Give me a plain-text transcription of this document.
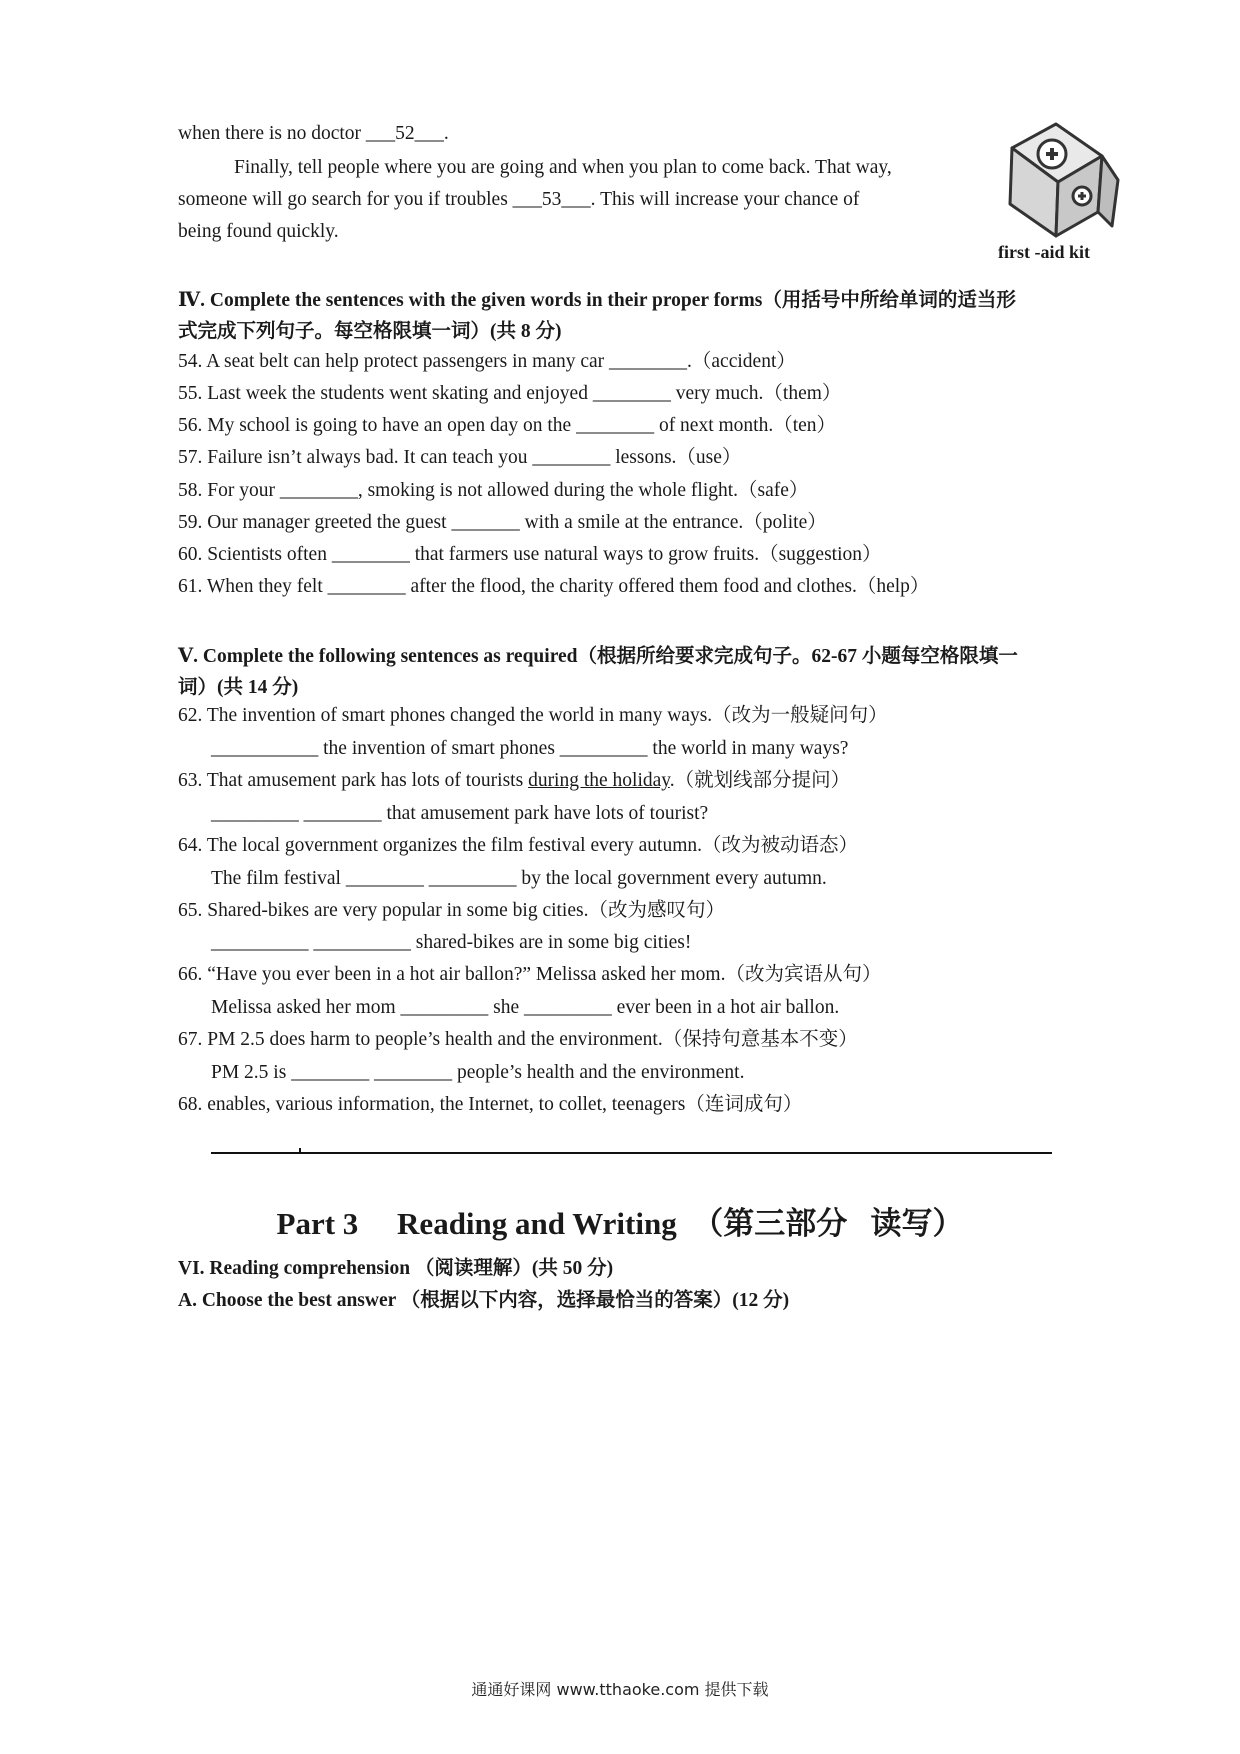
when there is no doctor ___52___.
Finally, tell people where you are going and when you plan to come back. That way,
someone will go search for you if troubles ___53___. This will increase your chance of
being found quickly.
first -aid kit
Ⅳ. Complete the sentences with the given words in their proper forms（用括号中所给单词的适当形
式完成下列句子。每空格限填一词）(共 8 分)
54. A seat belt can help protect passengers in many car ________.（accident）
55. Last week the students went skating and enjoyed ________ very much.（them）
56. My school is going to have an open day on the ________ of next month.（ten）
57. Failure isn’t always bad. It can teach you ________ lessons.（use）
58. For your ________, smoking is not allowed during the whole flight.（safe）
59. Our manager greeted the guest _______ with a smile at the entrance.（polite）
60. Scientists often ________ that farmers use natural ways to grow fruits.（suggestion）
61. When they felt ________ after the flood, the charity offered them food and clothes.（help）
Ⅴ. Complete the following sentences as required（根据所给要求完成句子。62-67 小题每空格限填一
词）(共 14 分)
62. The invention of smart phones changed the world in many ways.（改为一般疑问句）
___________ the invention of smart phones _________ the world in many ways?
63. That amusement park has lots of tourists during the holiday.（就划线部分提问）
_________ ________ that amusement park have lots of tourist?
64. The local government organizes the film festival every autumn.（改为被动语态）
The film festival ________ _________ by the local government every autumn.
65. Shared-bikes are very popular in some big cities.（改为感叹句）
__________ __________ shared-bikes are in some big cities!
66. “Have you ever been in a hot air ballon?” Melissa asked her mom.（改为宾语从句）
Melissa asked her mom _________ she _________ ever been in a hot air ballon.
67. PM 2.5 does harm to people’s health and the environment.（保持句意基本不变）
PM 2.5 is ________ ________ people’s health and the environment.
68. enables, various information, the Internet, to collet, teenagers（连词成句）
Part 3     Reading and Writing  （第三部分   读写）
VI. Reading comprehension （阅读理解）(共 50 分)
A. Choose the best answer （根据以下内容，选择最恰当的答案）(12 分)
通通好课网 www.tthaoke.com 提供下载
